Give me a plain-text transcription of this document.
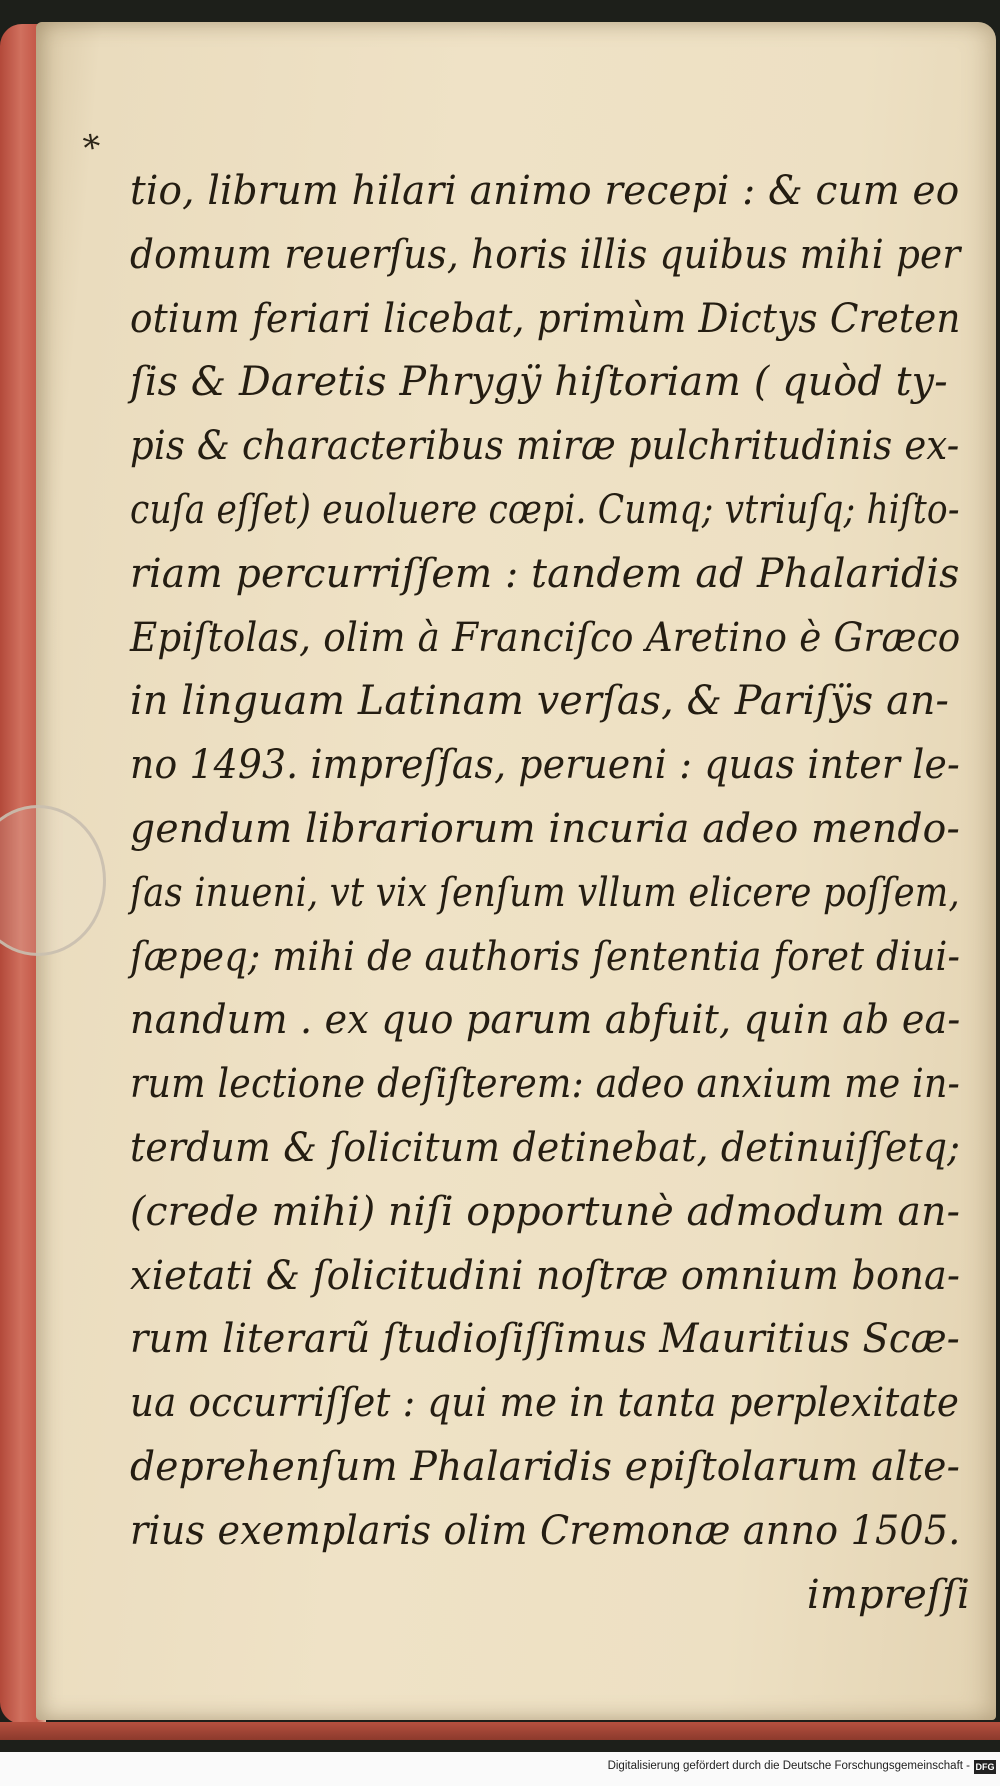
*
tio, librum hilari animo recepi : & cum eo
domum reuerſus, horis illis quibus mihi per
otium feriari licebat, primùm Dictys Creten
ſis & Daretis Phrygÿ hiſtoriam ( quòd ty-
pis & characteribus miræ pulchritudinis ex-
cuſa eſſet) euoluere cœpi. Cumq; vtriuſq; hiſto-
riam percurriſſem : tandem ad Phalaridis
Epiſtolas, olim à Franciſco Aretino è Græco
in linguam Latinam verſas, & Pariſÿs an-
no 1493. impreſſas, perueni : quas inter le-
gendum librariorum incuria adeo mendo-
ſas inueni, vt vix ſenſum vllum elicere poſſem,
ſæpeq; mihi de authoris ſententia foret diui-
nandum . ex quo parum abfuit, quin ab ea-
rum lectione deſiſterem: adeo anxium me in-
terdum & ſolicitum detinebat, detinuiſſetq;
(crede mihi) niſi opportunè admodum an-
xietati & ſolicitudini noſtræ omnium bona-
rum literarũ ſtudioſiſſimus Mauritius Scæ-
ua occurriſſet : qui me in tanta perplexitate
deprehenſum Phalaridis epiſtolarum alte-
rius exemplaris olim Cremonæ anno 1505.
impreſſi
Digitalisierung gefördert durch die Deutsche Forschungsgemeinschaft - DFG
